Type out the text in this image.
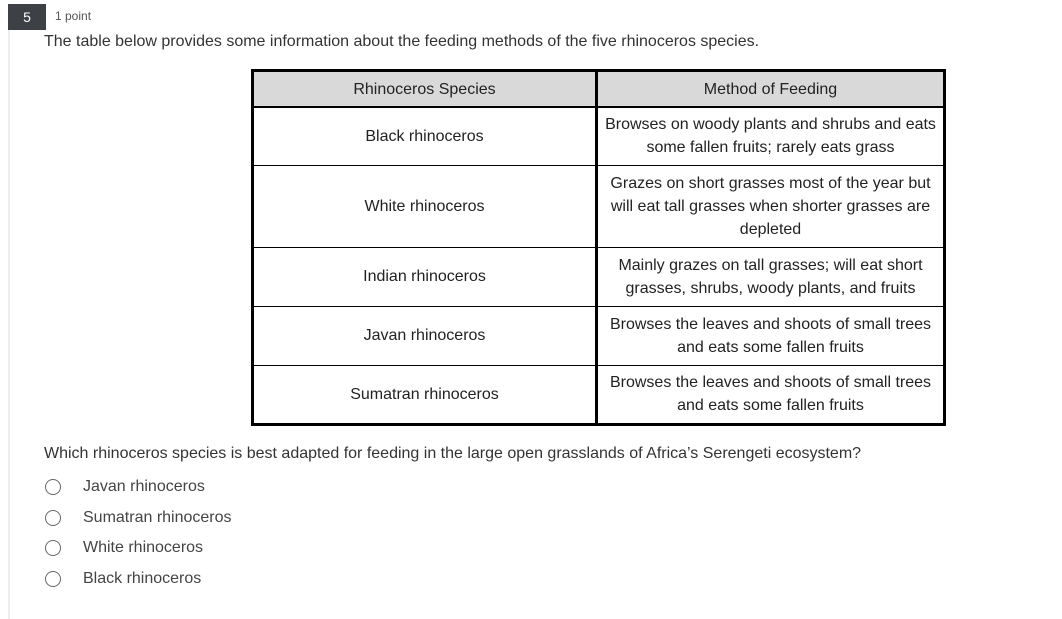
5	1 point
The table below provides some information about the feeding methods of the five rhinoceros species.
Rhinoceros Species	Method of Feeding
Black rhinoceros	Browses on woody plants and shrubs and eats some fallen fruits; rarely eats grass
White rhinoceros	Grazes on short grasses most of the year but will eat tall grasses when shorter grasses are depleted
Indian rhinoceros	Mainly grazes on tall grasses; will eat short grasses, shrubs, woody plants, and fruits
Javan rhinoceros	Browses the leaves and shoots of small trees and eats some fallen fruits
Sumatran rhinoceros	Browses the leaves and shoots of small trees and eats some fallen fruits
Which rhinoceros species is best adapted for feeding in the large open grasslands of Africa’s Serengeti ecosystem?
Javan rhinoceros
Sumatran rhinoceros
White rhinoceros
Black rhinoceros
